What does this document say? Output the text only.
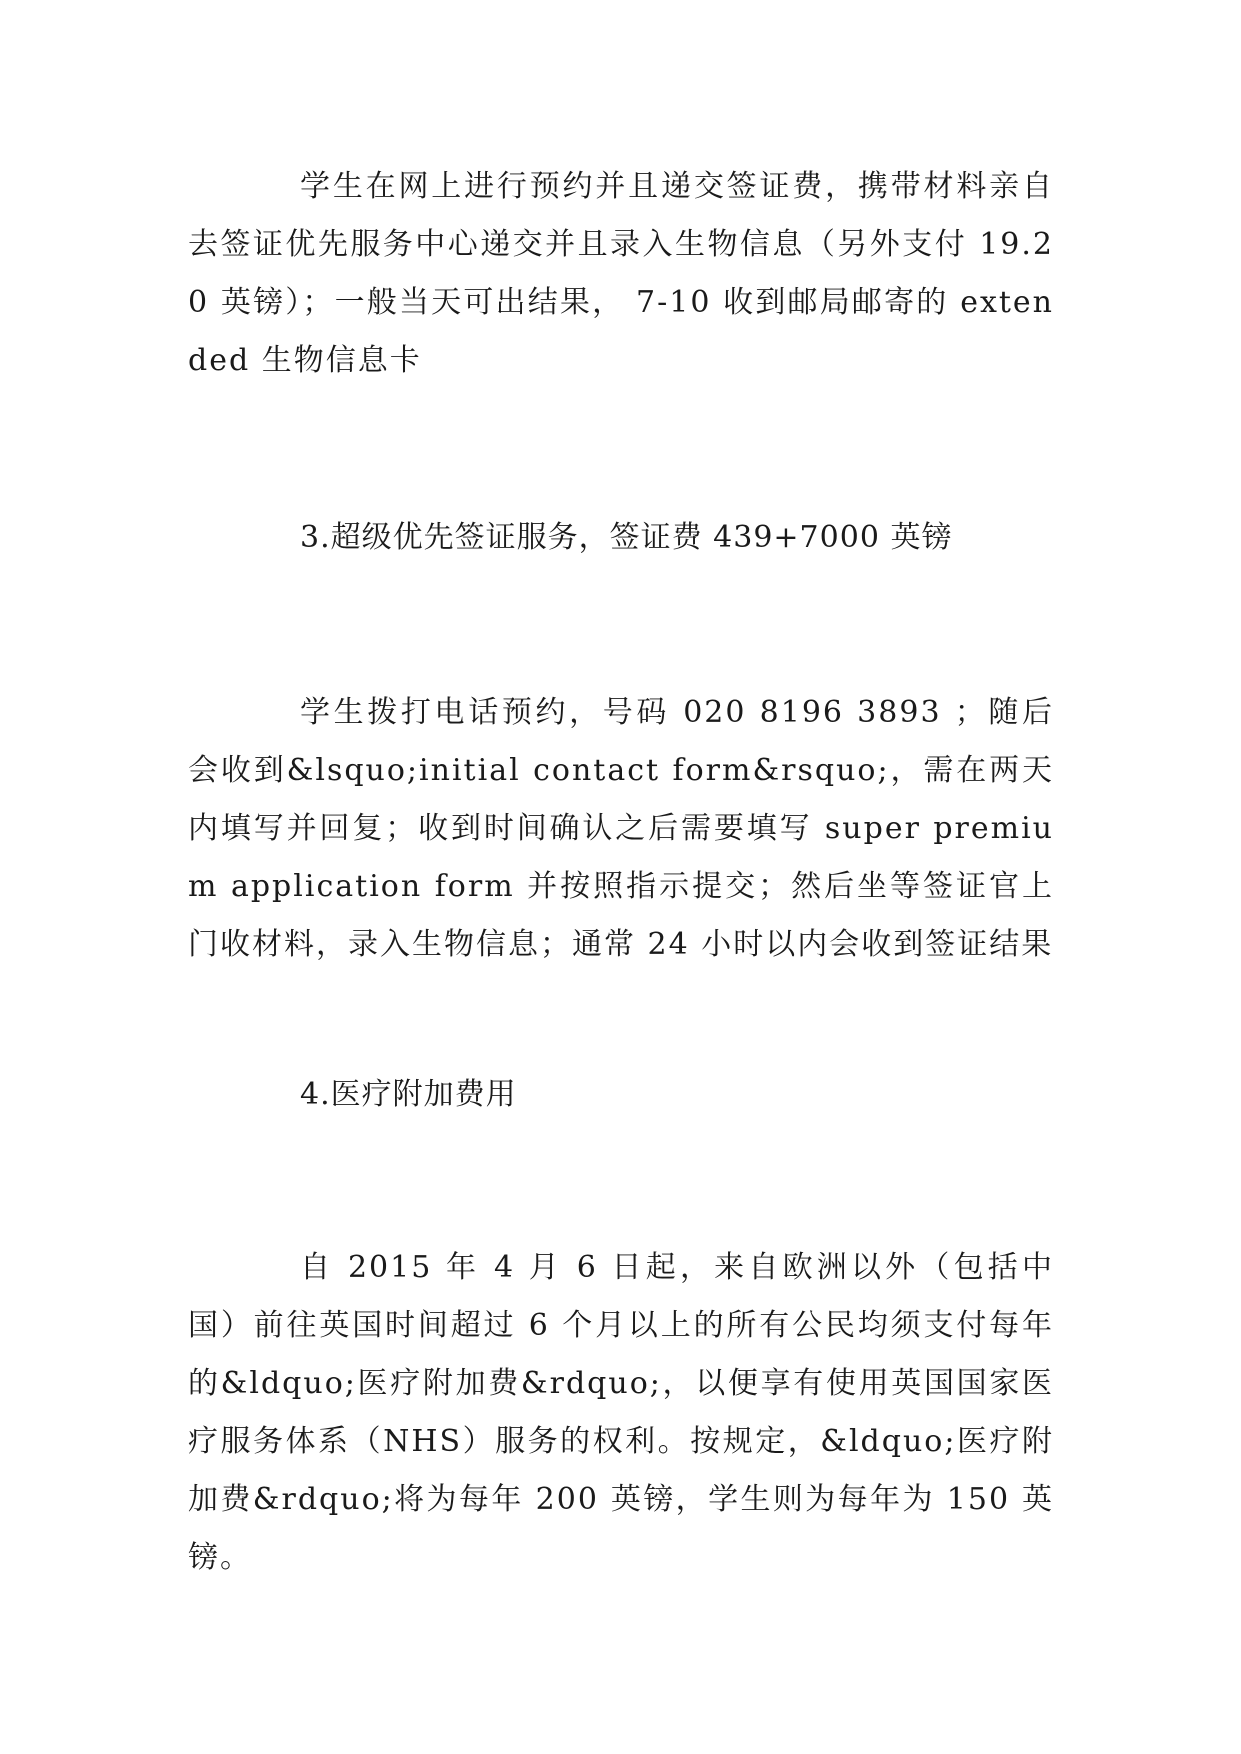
学生在网上进行预约并且递交签证费，携带材料亲自去签证优先服务中心递交并且录入生物信息（另外支付 19.20 英镑）；一般当天可出结果， 7-10 收到邮局邮寄的 extended 生物信息卡

3.超级优先签证服务，签证费 439+7000 英镑

学生拨打电话预约，号码 020 8196 3893 ；随后会收到&lsquo;initial contact form&rsquo;，需在两天内填写并回复；收到时间确认之后需要填写 super premium application form 并按照指示提交；然后坐等签证官上门收材料，录入生物信息；通常 24 小时以内会收到签证结果

4.医疗附加费用

自 2015 年 4 月 6 日起，来自欧洲以外（包括中国）前往英国时间超过 6 个月以上的所有公民均须支付每年的&ldquo;医疗附加费&rdquo;，以便享有使用英国国家医疗服务体系（NHS）服务的权利。按规定，&ldquo;医疗附加费&rdquo;将为每年 200 英镑，学生则为每年为 150 英镑。
